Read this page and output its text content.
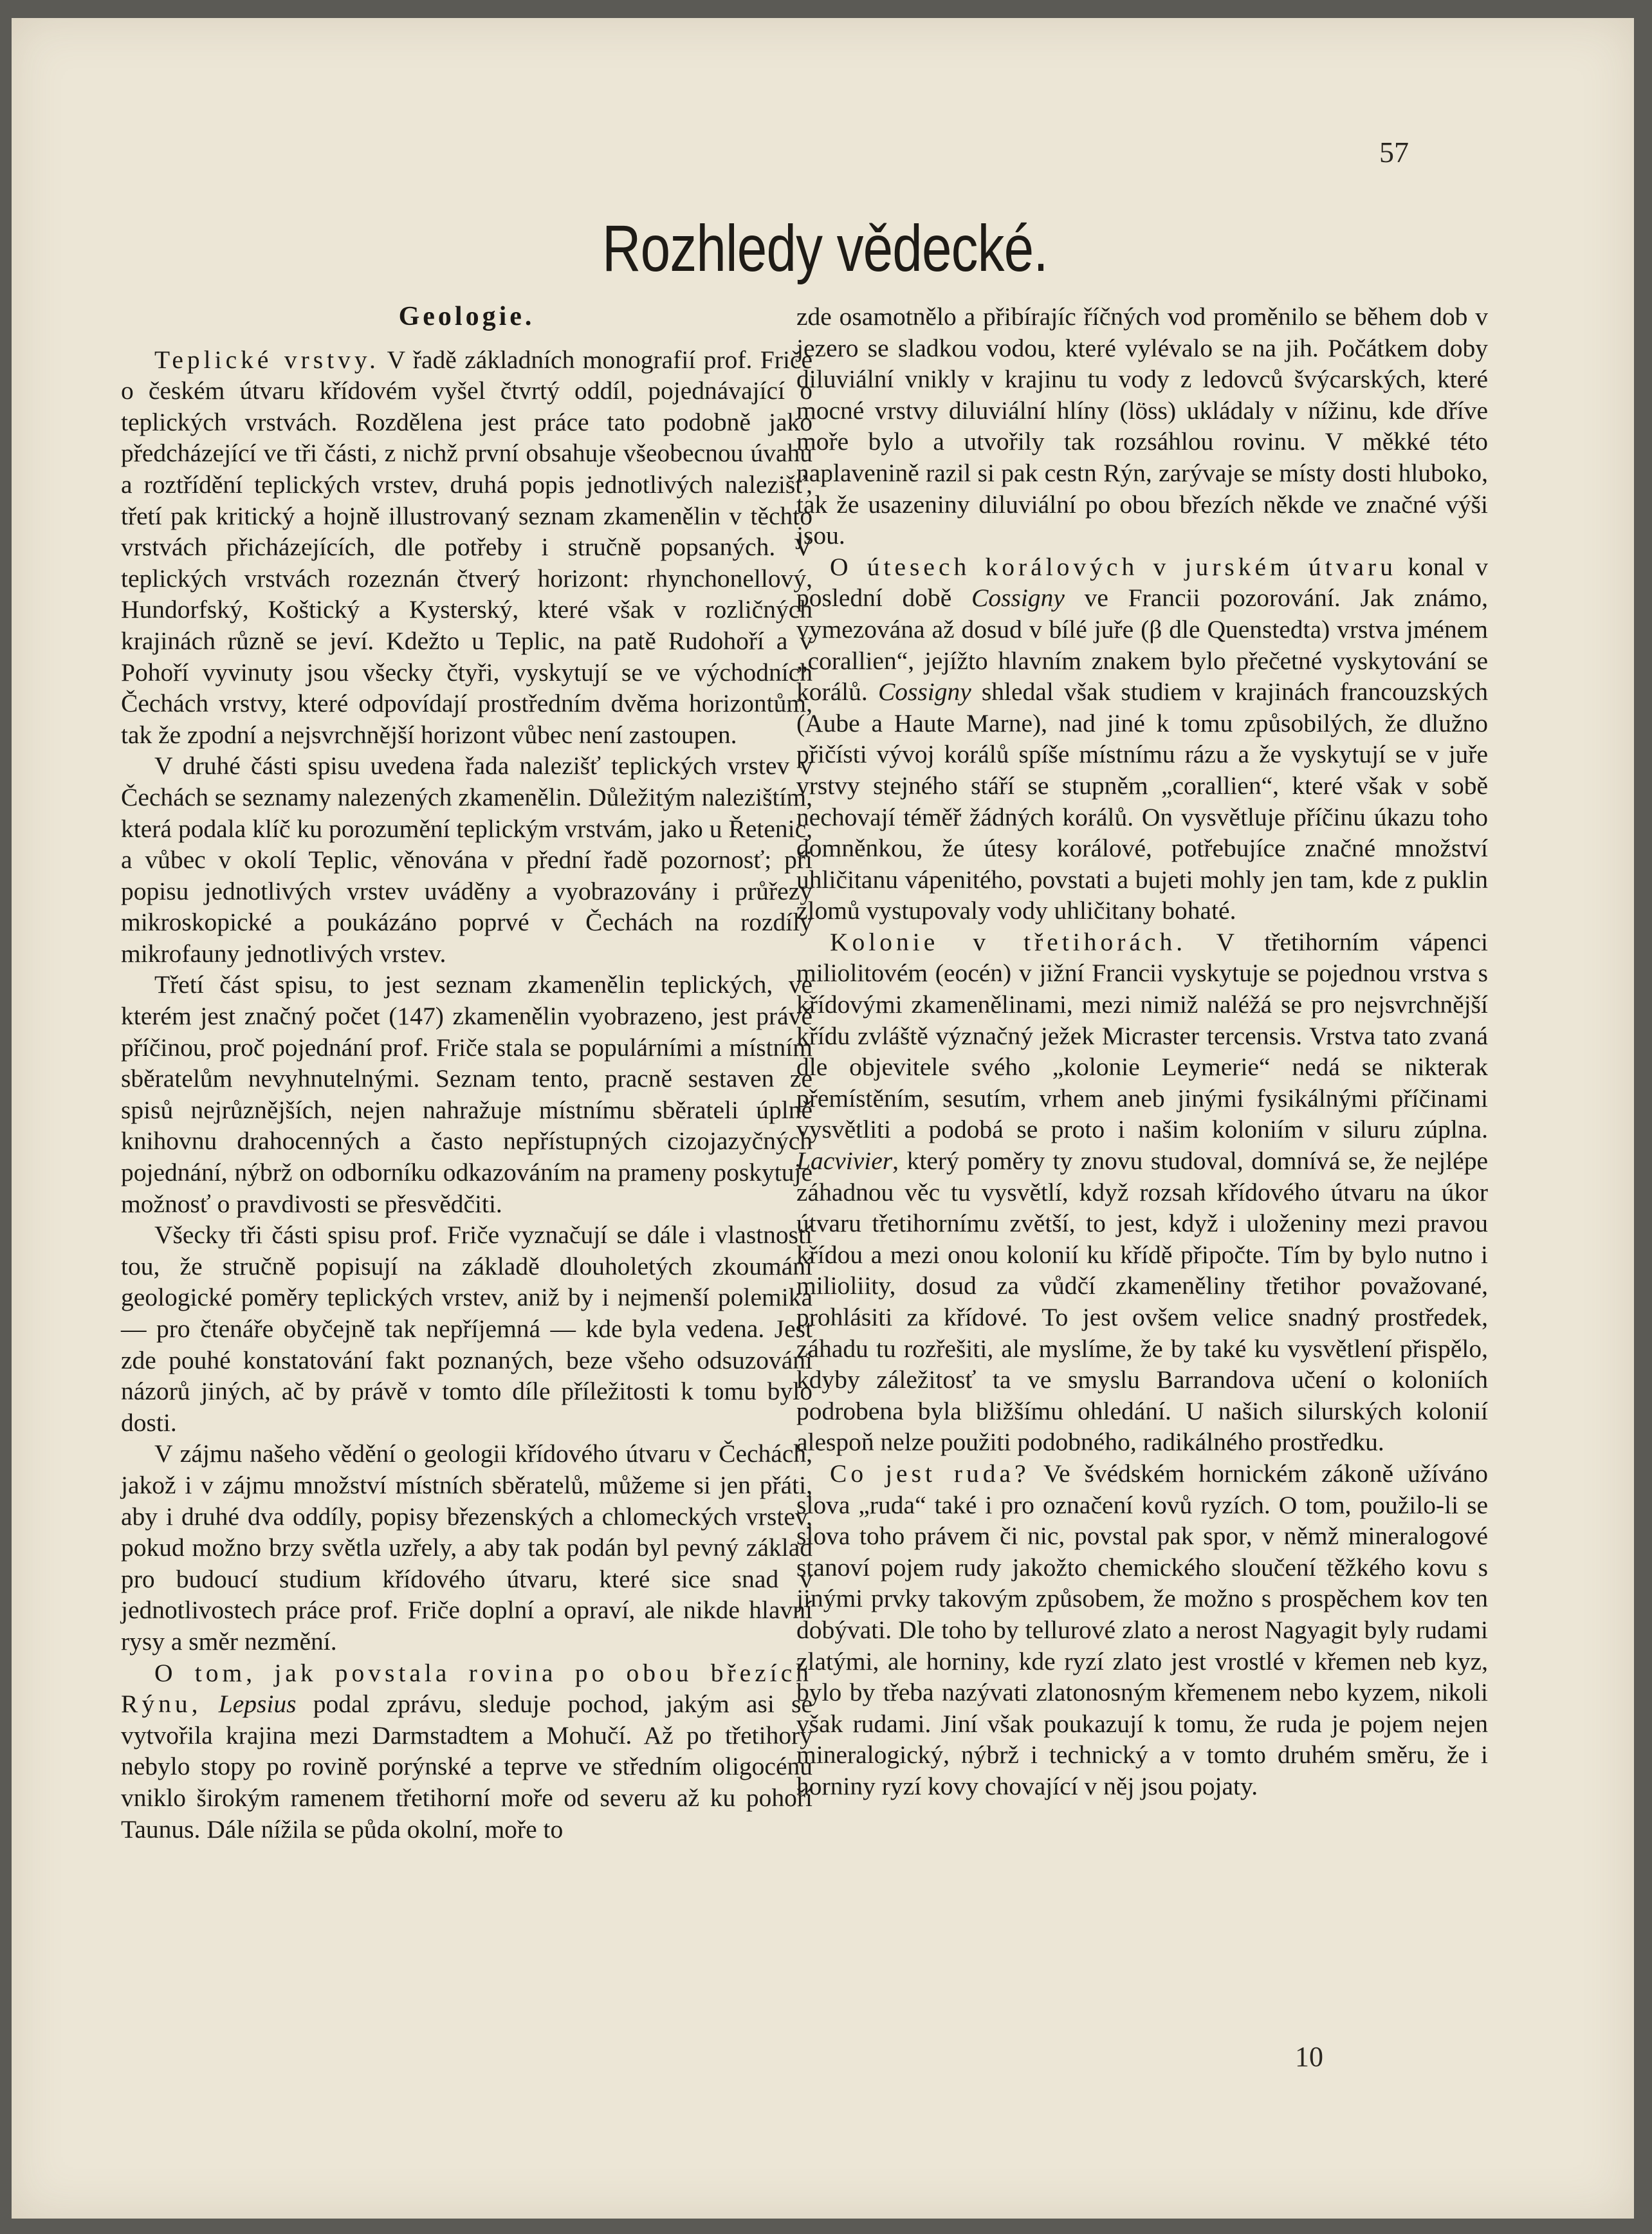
57
Rozhledy vědecké.
Geologie.

Teplické vrstvy. V řadě základních monografií prof. Friče o českém útvaru křídovém vyšel čtvrtý oddíl, pojednávající o teplických vrstvách. Rozdělena jest práce tato podobně jako předcházející ve tři části, z nichž první obsahuje všeobecnou úvahu a roztřídění teplických vrstev, druhá popis jednotlivých nalezišť, třetí pak kritický a hojně illustrovaný seznam zkamenělin v těchto vrstvách přicházejících, dle potřeby i stručně popsaných. V teplických vrstvách rozeznán čtverý horizont: rhynchonellový, Hundorfský, Koštický a Kysterský, které však v rozličných krajinách různě se jeví. Kdežto u Teplic, na patě Rudohoří a v Pohoří vyvinuty jsou všecky čtyři, vyskytují se ve východních Čechách vrstvy, které odpovídají prostředním dvěma horizontům, tak že zpodní a nejsvrchnější horizont vůbec není zastoupen.

V druhé části spisu uvedena řada nalezišť teplických vrstev v Čechách se seznamy nalezených zkamenělin. Důležitým nalezištím, která podala klíč ku porozumění teplickým vrstvám, jako u Řetenic, a vůbec v okolí Teplic, věnována v přední řadě pozornosť; při popisu jednotlivých vrstev uváděny a vyobrazovány i průřezy mikroskopické a poukázáno poprvé v Čechách na rozdíly mikrofauny jednotlivých vrstev.

Třetí část spisu, to jest seznam zkamenělin teplických, ve kterém jest značný počet (147) zkamenělin vyobrazeno, jest právě příčinou, proč pojednání prof. Friče stala se populárními a místním sběratelům nevyhnutelnými. Seznam tento, pracně sestaven ze spisů nejrůznějších, nejen nahražuje místnímu sběrateli úplně knihovnu drahocenných a často nepřístupných cizojazyčných pojednání, nýbrž on odborníku odkazováním na prameny poskytuje možnosť o pravdivosti se přesvědčiti.

Všecky tři části spisu prof. Friče vyznačují se dále i vlastností tou, že stručně popisují na základě dlouholetých zkoumání geologické poměry teplických vrstev, aniž by i nejmenší polemika — pro čtenáře obyčejně tak nepříjemná — kde byla vedena. Jest zde pouhé konstatování fakt poznaných, beze všeho odsuzování názorů jiných, ač by právě v tomto díle příležitosti k tomu bylo dosti.

V zájmu našeho vědění o geologii křídového útvaru v Čechách, jakož i v zájmu množství místních sběratelů, můžeme si jen přáti, aby i druhé dva oddíly, popisy březenských a chlomeckých vrstev, pokud možno brzy světla uzřely, a aby tak podán byl pevný základ pro budoucí studium křídového útvaru, které sice snad v jednotlivostech práce prof. Friče doplní a opraví, ale nikde hlavní rysy a směr nezmění.

O tom, jak povstala rovina po obou březích Rýnu, Lepsius podal zprávu, sleduje pochod, jakým asi se vytvořila krajina mezi Darmstadtem a Mohučí. Až po třetihory nebylo stopy po rovině porýnské a teprve ve středním oligocénu vniklo širokým ramenem třetihorní moře od severu až ku pohoří Taunus. Dále nížila se půda okolní, moře to

zde osamotnělo a přibírajíc říčných vod proměnilo se během dob v jezero se sladkou vodou, které vylévalo se na jih. Počátkem doby diluviální vnikly v krajinu tu vody z ledovců švýcarských, které mocné vrstvy diluviální hlíny (löss) ukládaly v nížinu, kde dříve moře bylo a utvořily tak rozsáhlou rovinu. V měkké této naplavenině razil si pak cestn Rýn, zarývaje se místy dosti hluboko, tak že usazeniny diluviální po obou březích někde ve značné výši jsou.

O útesech korálových v jurském útvaru konal v poslední době Cossigny ve Francii pozorování. Jak známo, vymezována až dosud v bílé juře (β dle Quenstedta) vrstva jménem „corallien“, jejížto hlavním znakem bylo přečetné vyskytování se korálů. Cossigny shledal však studiem v krajinách francouzských (Aube a Haute Marne), nad jiné k tomu způsobilých, že dlužno přičísti vývoj korálů spíše místnímu rázu a že vyskytují se v juře vrstvy stejného stáří se stupněm „corallien“, které však v sobě nechovají téměř žádných korálů. On vysvětluje příčinu úkazu toho domněnkou, že útesy korálové, potřebujíce značné množství uhličitanu vápenitého, povstati a bujeti mohly jen tam, kde z puklin zlomů vystupovaly vody uhličitany bohaté.

Kolonie v třetihorách. V třetihorním vápenci miliolitovém (eocén) v jižní Francii vyskytuje se pojednou vrstva s křídovými zkamenělinami, mezi nimiž naléžá se pro nejsvrchnější křídu zvláště význačný ježek Micraster tercensis. Vrstva tato zvaná dle objevitele svého „kolonie Leymerie“ nedá se nikterak přemístěním, sesutím, vrhem aneb jinými fysikálnými příčinami vysvětliti a podobá se proto i našim koloniím v siluru zúplna. Lacvivier, který poměry ty znovu studoval, domnívá se, že nejlépe záhadnou věc tu vysvětlí, když rozsah křídového útvaru na úkor útvaru třetihornímu zvětší, to jest, když i uloženiny mezi pravou křídou a mezi onou kolonií ku křídě připočte. Tím by bylo nutno i milioliity, dosud za vůdčí zkameněliny třetihor považované, prohlásiti za křídové. To jest ovšem velice snadný prostředek, záhadu tu rozřešiti, ale myslíme, že by také ku vysvětlení přispělo, kdyby záležitosť ta ve smyslu Barrandova učení o koloniích podrobena byla bližšímu ohledání. U našich silurských kolonií alespoň nelze použiti podobného, radikálného prostředku.

Co jest ruda? Ve švédském hornickém zákoně užíváno slova „ruda“ také i pro označení kovů ryzích. O tom, použilo-li se slova toho právem či nic, povstal pak spor, v němž mineralogové stanoví pojem rudy jakožto chemického sloučení těžkého kovu s jinými prvky takovým způsobem, že možno s prospěchem kov ten dobývati. Dle toho by tellurové zlato a nerost Nagyagit byly rudami zlatými, ale horniny, kde ryzí zlato jest vrostlé v křemen neb kyz, bylo by třeba nazývati zlatonosným křemenem nebo kyzem, nikoli však rudami. Jiní však poukazují k tomu, že ruda je pojem nejen mineralogický, nýbrž i technický a v tomto druhém směru, že i horniny ryzí kovy chovající v něj jsou pojaty.

10
